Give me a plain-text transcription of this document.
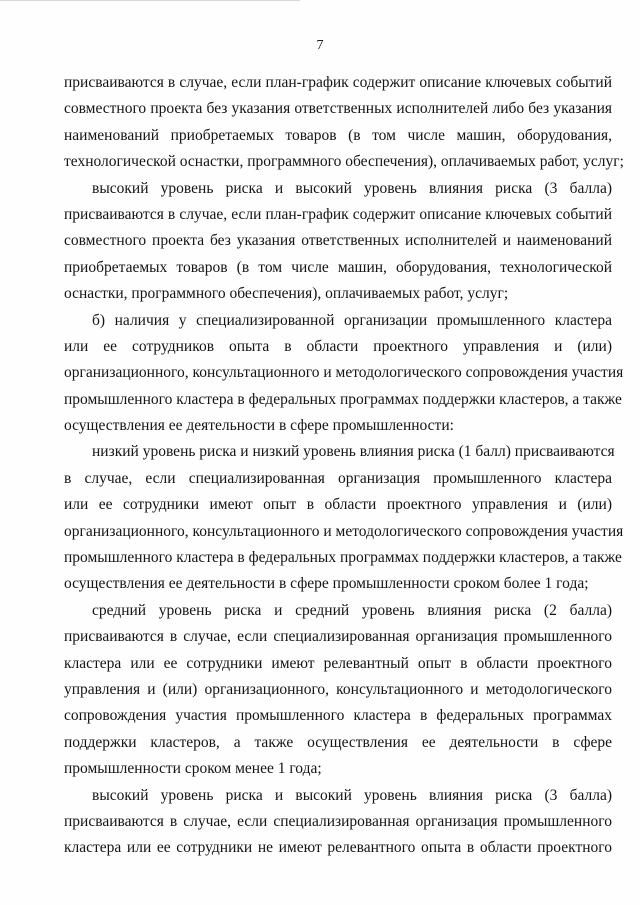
7
присваиваются в случае, если план-график содержит описание ключевых событий
совместного проекта без указания ответственных исполнителей либо без указания
наименований приобретаемых товаров (в том числе машин, оборудования,
технологической оснастки, программного обеспечения), оплачиваемых работ, услуг;
высокий уровень риска и высокий уровень влияния риска (3 балла)
присваиваются в случае, если план-график содержит описание ключевых событий
совместного проекта без указания ответственных исполнителей и наименований
приобретаемых товаров (в том числе машин, оборудования, технологической
оснастки, программного обеспечения), оплачиваемых работ, услуг;
б) наличия у специализированной организации промышленного кластера
или ее сотрудников опыта в области проектного управления и (или)
организационного, консультационного и методологического сопровождения участия
промышленного кластера в федеральных программах поддержки кластеров, а также
осуществления ее деятельности в сфере промышленности:
низкий уровень риска и низкий уровень влияния риска (1 балл) присваиваются
в случае, если специализированная организация промышленного кластера
или ее сотрудники имеют опыт в области проектного управления и (или)
организационного, консультационного и методологического сопровождения участия
промышленного кластера в федеральных программах поддержки кластеров, а также
осуществления ее деятельности в сфере промышленности сроком более 1 года;
средний уровень риска и средний уровень влияния риска (2 балла)
присваиваются в случае, если специализированная организация промышленного
кластера или ее сотрудники имеют релевантный опыт в области проектного
управления и (или) организационного, консультационного и методологического
сопровождения участия промышленного кластера в федеральных программах
поддержки кластеров, а также осуществления ее деятельности в сфере
промышленности сроком менее 1 года;
высокий уровень риска и высокий уровень влияния риска (3 балла)
присваиваются в случае, если специализированная организация промышленного
кластера или ее сотрудники не имеют релевантного опыта в области проектного
